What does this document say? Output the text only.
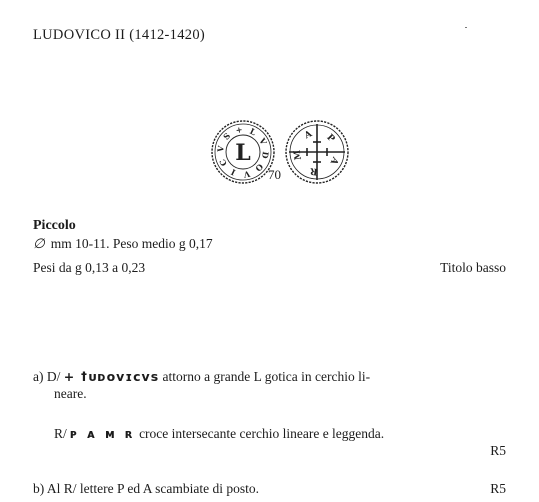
LUDOVICO II (1412-1420)
+ L
V
D
O
V
I
C
V
S
L
P
A
R
M
A
70
Piccolo
∅ mm 10-11. Peso medio g 0,17
Pesi da g 0,13 a 0,23	Titolo basso
a) D/ + ꝉᴜᴅᴏᴠɪᴄᴠs attorno a grande L gotica in cerchio li-
neare.
R/ ᴘ ᴀ ᴍ ʀ croce intersecante cerchio lineare e leggenda.
R5
b) Al R/ lettere P ed A scambiate di posto.	R5
